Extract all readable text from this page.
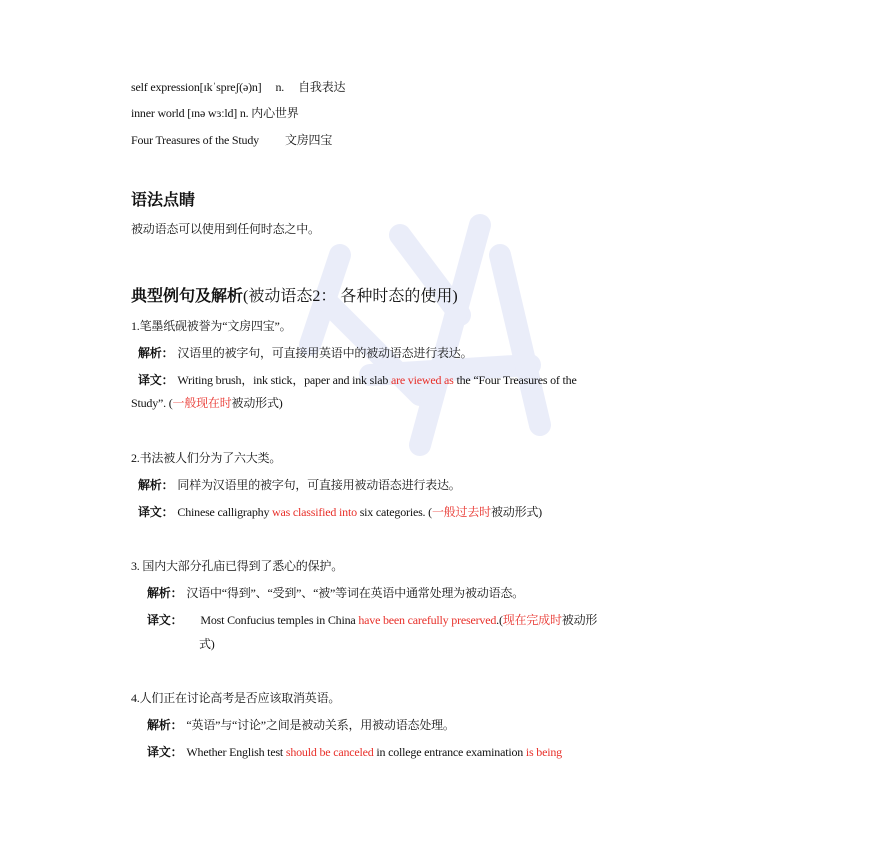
self expression[ɪkˈspreʃ(ə)n] n. 自我表达
inner world [ɪnə wɜːld] n. 内心世界
Four Treasures of the Study 文房四宝
语法点睛
被动语态可以使用到任何时态之中。
典型例句及解析(被动语态2： 各种时态的使用)
1.笔墨纸砚被誉为“文房四宝”。
解析： 汉语里的被字句，可直接用英语中的被动语态进行表达。
译文： Writing brush，ink stick，paper and ink slab are viewed as the “Four Treasures of the
Study”. (一般现在时被动形式)
2.书法被人们分为了六大类。
解析： 同样为汉语里的被字句，可直接用被动语态进行表达。
译文： Chinese calligraphy was classified into six categories. (一般过去时被动形式)
3. 国内大部分孔庙已得到了悉心的保护。
解析： 汉语中“得到”、“受到”、“被”等词在英语中通常处理为被动语态。
译文： Most Confucius temples in China have been carefully preserved.(现在完成时被动形
式)
4.人们正在讨论高考是否应该取消英语。
解析： “英语”与“讨论”之间是被动关系，用被动语态处理。
译文： Whether English test should be canceled in college entrance examination is being
